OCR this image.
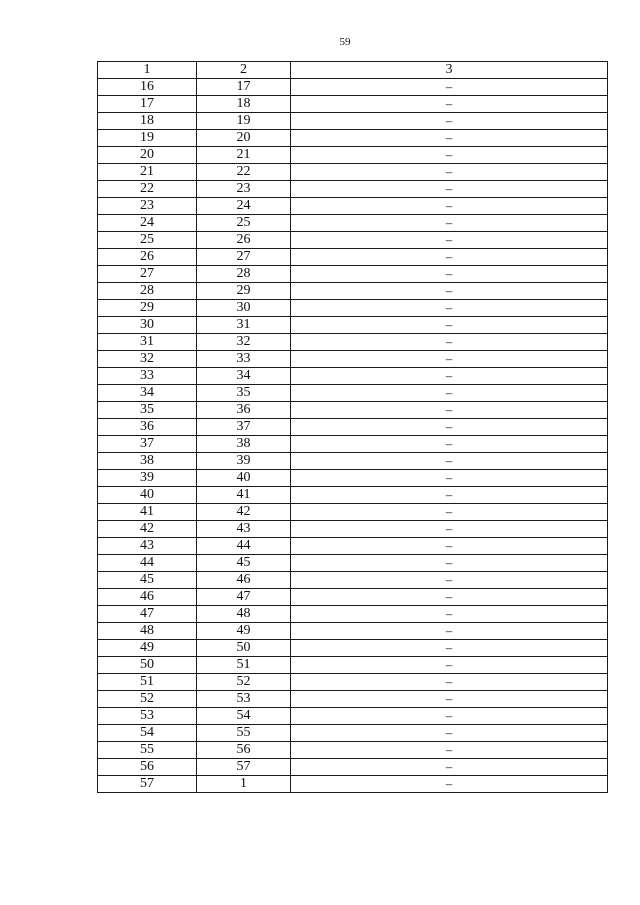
59
1	2	3
16	17	–
17	18	–
18	19	–
19	20	–
20	21	–
21	22	–
22	23	–
23	24	–
24	25	–
25	26	–
26	27	–
27	28	–
28	29	–
29	30	–
30	31	–
31	32	–
32	33	–
33	34	–
34	35	–
35	36	–
36	37	–
37	38	–
38	39	–
39	40	–
40	41	–
41	42	–
42	43	–
43	44	–
44	45	–
45	46	–
46	47	–
47	48	–
48	49	–
49	50	–
50	51	–
51	52	–
52	53	–
53	54	–
54	55	–
55	56	–
56	57	–
57	1	–
